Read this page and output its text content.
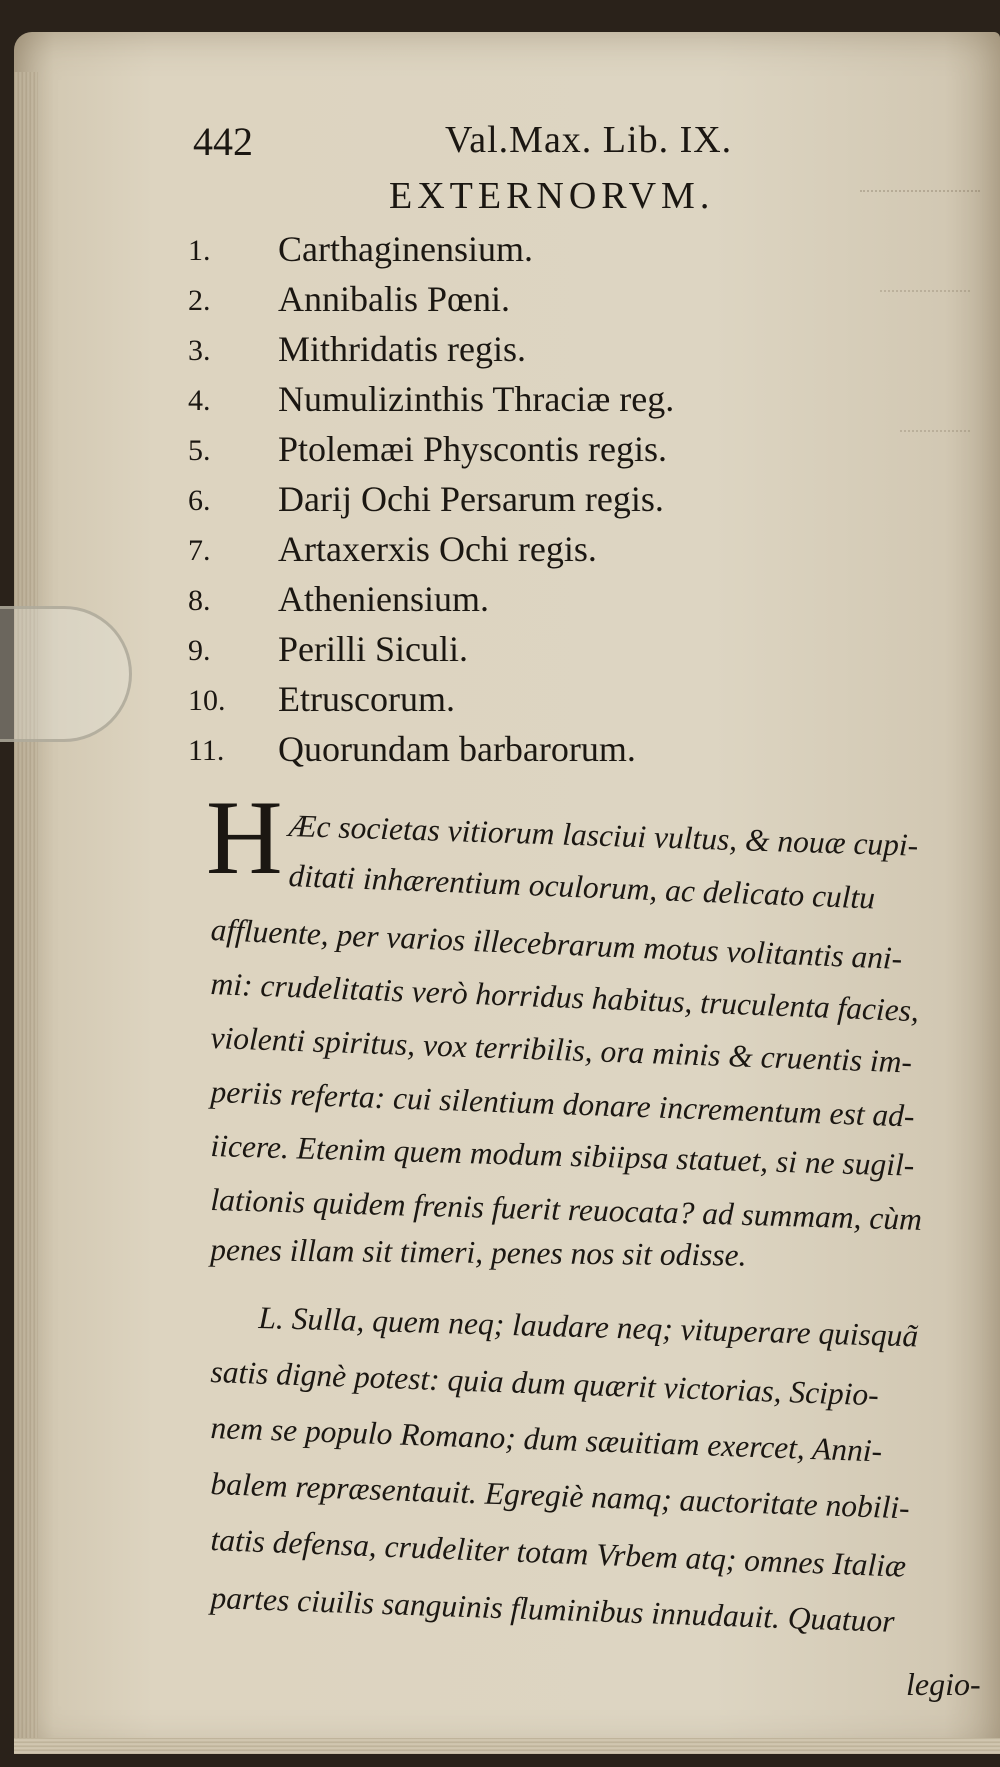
442	Val.Max. Lib. IX.
EXTERNORVM.
1. Carthaginensium.
2. Annibalis Pœni.
3. Mithridatis regis.
4. Numulizinthis Thraciæ reg.
5. Ptolemæi Physcontis regis.
6. Darij Ochi Persarum regis.
7. Artaxerxis Ochi regis.
8. Atheniensium.
9. Perilli Siculi.
10. Etruscorum.
11. Quorundam barbarorum.
H Æc societas vitiorum lasciui vultus, & nouæ cupi-
ditati inhærentium oculorum, ac delicato cultu
affluente, per varios illecebrarum motus volitantis ani-
mi: crudelitatis verò horridus habitus, truculenta facies,
violenti spiritus, vox terribilis, ora minis & cruentis im-
periis referta: cui silentium donare incrementum est ad-
iicere. Etenim quem modum sibiipsa statuet, si ne sugil-
lationis quidem frenis fuerit reuocata? ad summam, cùm
penes illam sit timeri, penes nos sit odisse.
L. Sulla, quem neq; laudare neq; vituperare quisquã
satis dignè potest: quia dum quærit victorias, Scipio-
nem se populo Romano; dum sæuitiam exercet, Anni-
balem repræsentauit. Egregiè namq; auctoritate nobili-
tatis defensa, crudeliter totam Vrbem atq; omnes Italiæ
partes ciuilis sanguinis fluminibus innudauit. Quatuor
legio-
